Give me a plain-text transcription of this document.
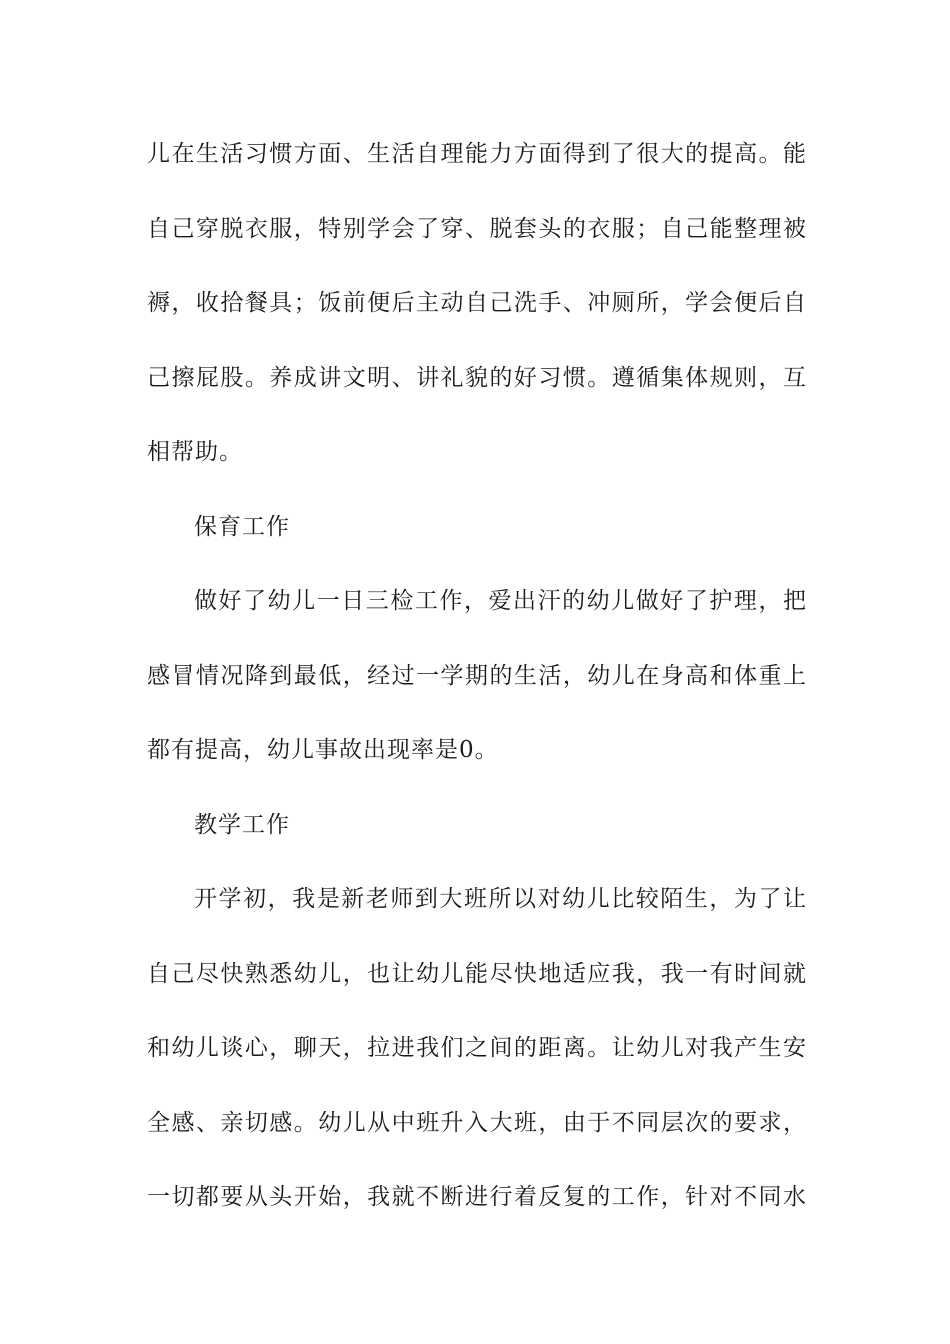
儿在生活习惯方面、生活自理能力方面得到了很大的提高。能
自己穿脱衣服，特别学会了穿、脱套头的衣服；自己能整理被
褥，收拾餐具；饭前便后主动自己洗手、冲厕所，学会便后自
己擦屁股。养成讲文明、讲礼貌的好习惯。遵循集体规则，互
相帮助。
保育工作
做好了幼儿一日三检工作，爱出汗的幼儿做好了护理，把
感冒情况降到最低，经过一学期的生活，幼儿在身高和体重上
都有提高，幼儿事故出现率是0。
教学工作
开学初，我是新老师到大班所以对幼儿比较陌生，为了让
自己尽快熟悉幼儿，也让幼儿能尽快地适应我，我一有时间就
和幼儿谈心，聊天，拉进我们之间的距离。让幼儿对我产生安
全感、亲切感。幼儿从中班升入大班，由于不同层次的要求，
一切都要从头开始，我就不断进行着反复的工作，针对不同水
